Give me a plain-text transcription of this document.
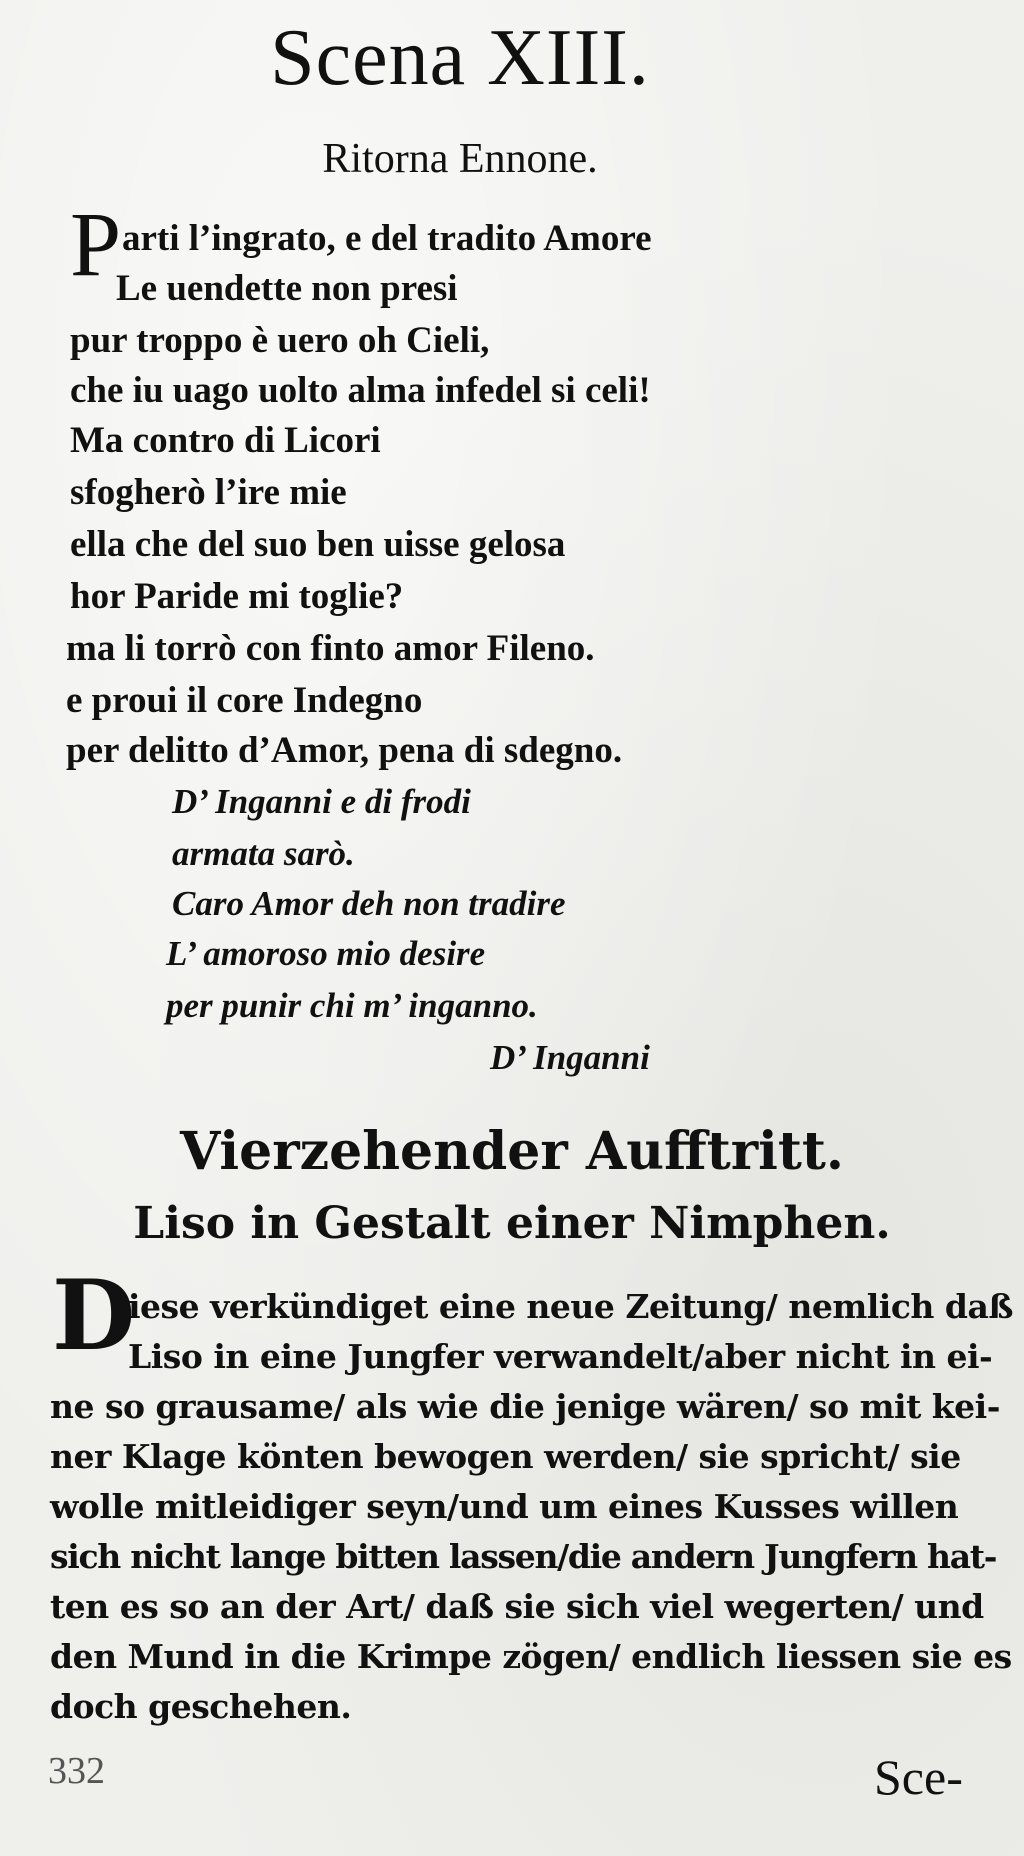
Scena XIII.
Ritorna Ennone.
P arti l’ingrato, e del tradito Amore
Le uendette non presi
pur troppo è uero oh Cieli,
che iu uago uolto alma infedel si celi!
Ma contro di Licori
sfogherò l’ire mie
ella che del suo ben uisse gelosa
hor Paride mi toglie?
ma li torrò con finto amor Fileno.
e proui il core Indegno
per delitto d’Amor, pena di sdegno.
D’ Inganni e di frodi
armata sarò.
Caro Amor deh non tradire
L’ amoroso mio desire
per punir chi m’ inganno.
D’ Inganni
Vierzehender Aufftritt.
Liso in Gestalt einer Nimphen.
D
iese verkündiget eine neue Zeitung/ nemlich daß
Liso in eine Jungfer verwandelt/aber nicht in ei-
ne so grausame/ als wie die jenige wären/ so mit kei-
ner Klage könten bewogen werden/ sie spricht/ sie
wolle mitleidiger seyn/und um eines Kusses willen
sich nicht lange bitten lassen/die andern Jungfern hat-
ten es so an der Art/ daß sie sich viel wegerten/ und
den Mund in die Krimpe zögen/ endlich liessen sie es
doch geschehen.
332	Sce-
